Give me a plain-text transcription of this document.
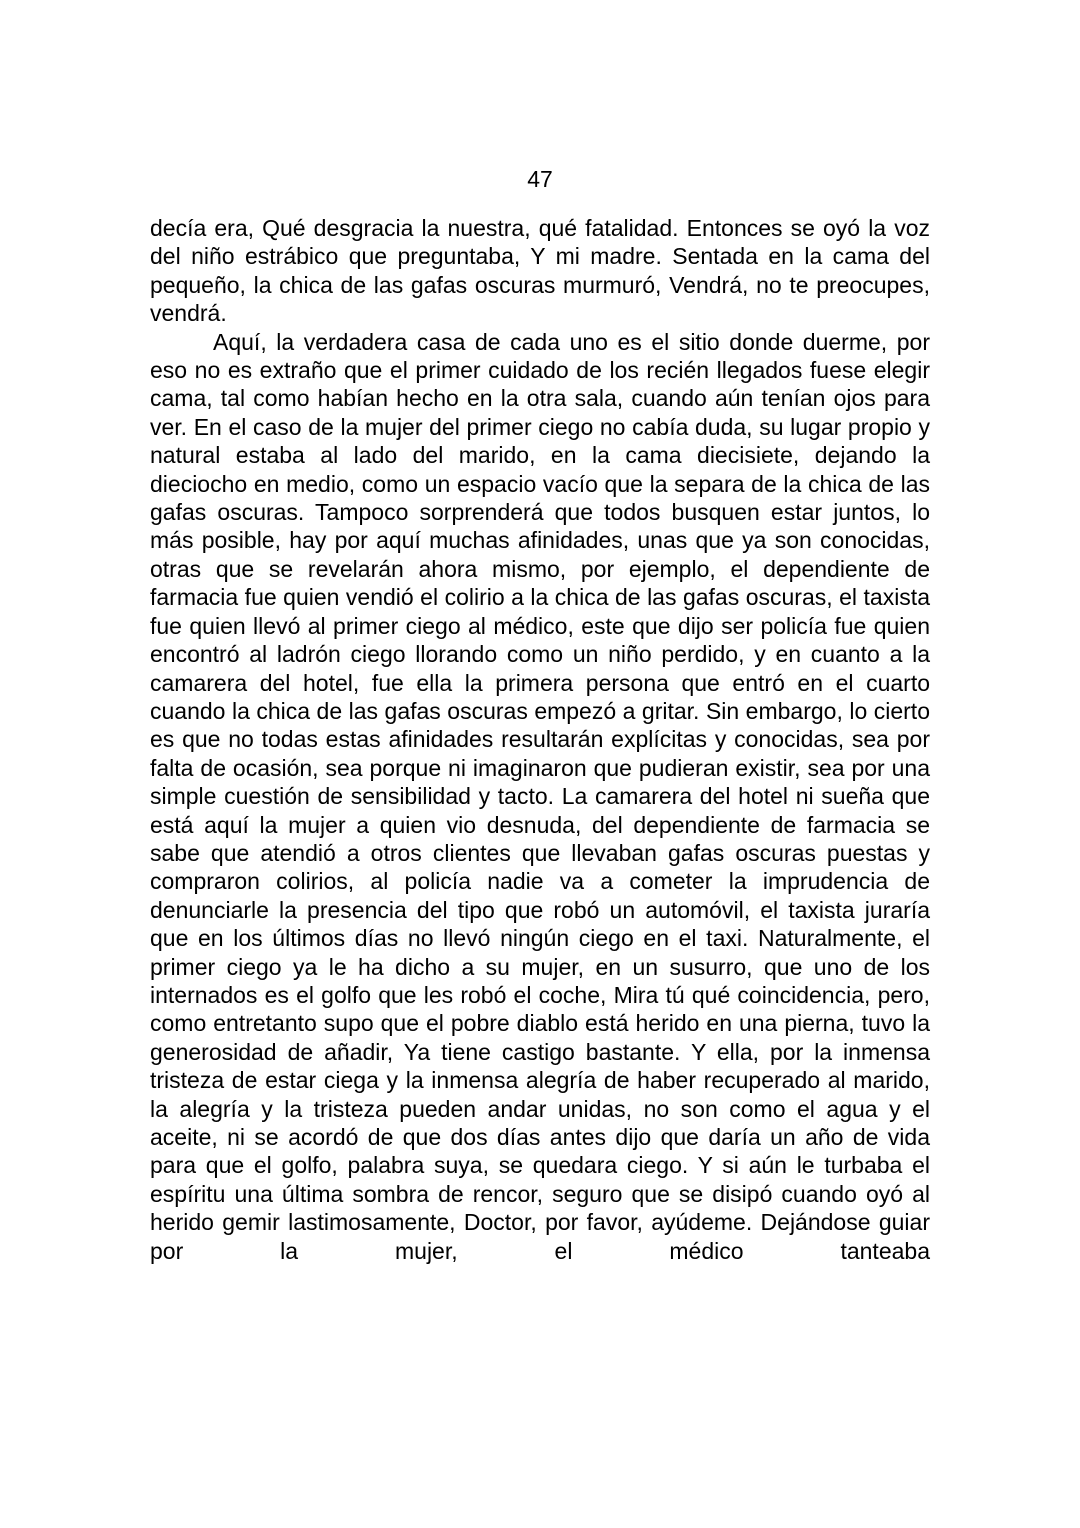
47

decía era, Qué desgracia la nuestra, qué fatalidad. Entonces se oyó la voz del niño estrábico que preguntaba, Y mi madre. Sentada en la cama del pequeño, la chica de las gafas oscuras murmuró, Vendrá, no te preocupes, vendrá.

Aquí, la verdadera casa de cada uno es el sitio donde duerme, por eso no es extraño que el primer cuidado de los recién llegados fuese elegir cama, tal como habían hecho en la otra sala, cuando aún tenían ojos para ver. En el caso de la mujer del primer ciego no cabía duda, su lugar propio y natural estaba al lado del marido, en la cama diecisiete, dejando la dieciocho en medio, como un espacio vacío que la separa de la chica de las gafas oscuras. Tampoco sorprenderá que todos busquen estar juntos, lo más posible, hay por aquí muchas afinidades, unas que ya son conocidas, otras que se revelarán ahora mismo, por ejemplo, el dependiente de farmacia fue quien vendió el colirio a la chica de las gafas oscuras, el taxista fue quien llevó al primer ciego al médico, este que dijo ser policía fue quien encontró al ladrón ciego llorando como un niño perdido, y en cuanto a la camarera del hotel, fue ella la primera persona que entró en el cuarto cuando la chica de las gafas oscuras empezó a gritar. Sin embargo, lo cierto es que no todas estas afinidades resultarán explícitas y conocidas, sea por falta de ocasión, sea porque ni imaginaron que pudieran existir, sea por una simple cuestión de sensibilidad y tacto. La camarera del hotel ni sueña que está aquí la mujer a quien vio desnuda, del dependiente de farmacia se sabe que atendió a otros clientes que llevaban gafas oscuras puestas y compraron colirios, al policía nadie va a cometer la imprudencia de denunciarle la presencia del tipo que robó un automóvil, el taxista juraría que en los últimos días no llevó ningún ciego en el taxi. Naturalmente, el primer ciego ya le ha dicho a su mujer, en un susurro, que uno de los internados es el golfo que les robó el coche, Mira tú qué coincidencia, pero, como entretanto supo que el pobre diablo está herido en una pierna, tuvo la generosidad de añadir, Ya tiene castigo bastante. Y ella, por la inmensa tristeza de estar ciega y la inmensa alegría de haber recuperado al marido, la alegría y la tristeza pueden andar unidas, no son como el agua y el aceite, ni se acordó de que dos días antes dijo que daría un año de vida para que el golfo, palabra suya, se quedara ciego. Y si aún le turbaba el espíritu una última sombra de rencor, seguro que se disipó cuando oyó al herido gemir lastimosamente, Doctor, por favor, ayúdeme. Dejándose guiar por la mujer, el médico tanteaba
